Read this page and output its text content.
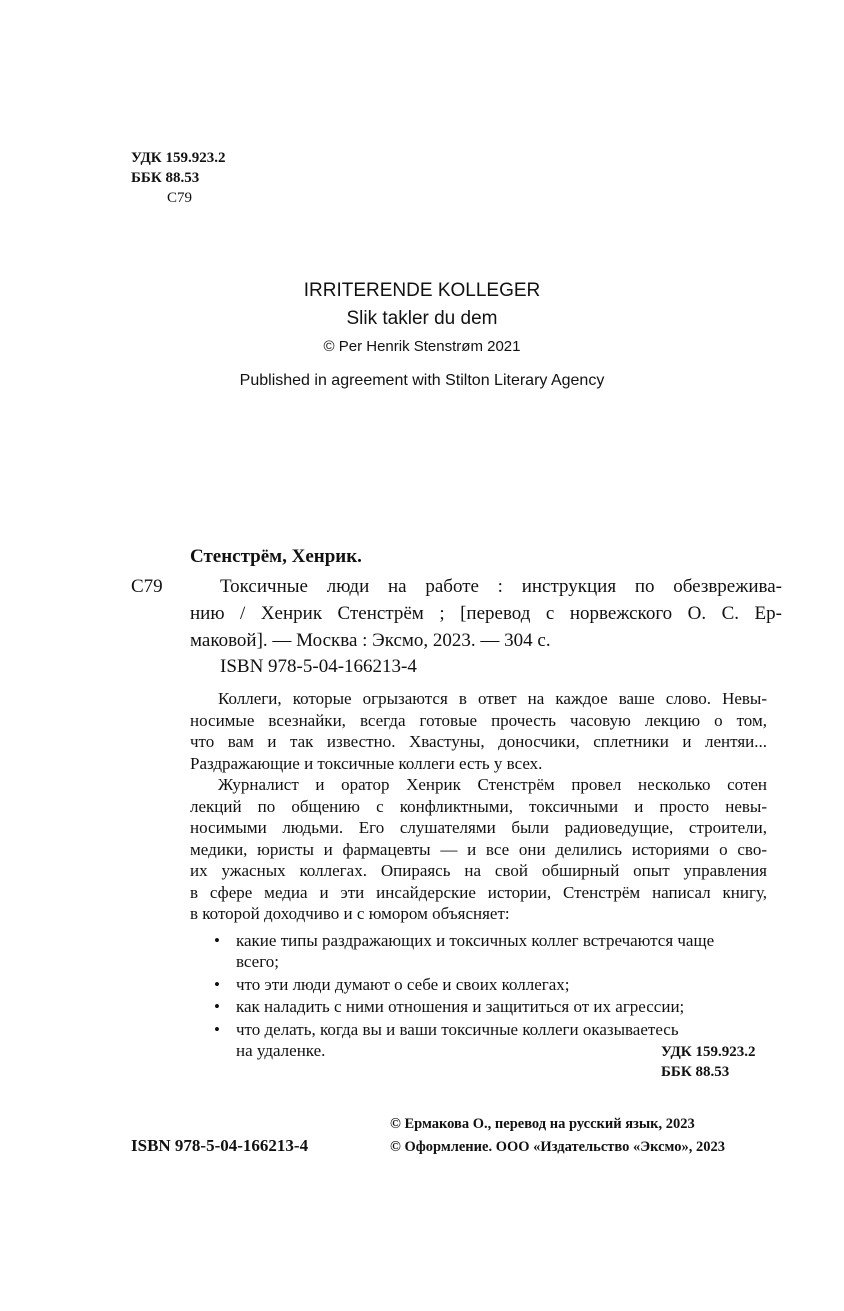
УДК 159.923.2
ББК 88.53
С79
IRRITERENDE KOLLEGER
Slik takler du dem
© Per Henrik Stenstrøm 2021
Published in agreement with Stilton Literary Agency
Стенстрём, Хенрик.
С79	Токсичные люди на работе : инструкция по обезврежива-
нию / Хенрик Стенстрём ; [перевод с норвежского О. С. Ер-
маковой]. — Москва : Эксмо, 2023. — 304 с.
ISBN 978-5-04-166213-4
Коллеги, которые огрызаются в ответ на каждое ваше слово. Невы-
носимые всезнайки, всегда готовые прочесть часовую лекцию о том,
что вам и так известно. Хвастуны, доносчики, сплетники и лентяи...
Раздражающие и токсичные коллеги есть у всех.
Журналист и оратор Хенрик Стенстрём провел несколько сотен
лекций по общению с конфликтными, токсичными и просто невы-
носимыми людьми. Его слушателями были радиоведущие, строители,
медики, юристы и фармацевты — и все они делились историями о сво-
их ужасных коллегах. Опираясь на свой обширный опыт управления
в сфере медиа и эти инсайдерские истории, Стенстрём написал книгу,
в которой доходчиво и с юмором объясняет:
• какие типы раздражающих и токсичных коллег встречаются чаще
всего;
• что эти люди думают о себе и своих коллегах;
• как наладить с ними отношения и защититься от их агрессии;
• что делать, когда вы и ваши токсичные коллеги оказываетесь
на удаленке.	УДК 159.923.2
ББК 88.53
ISBN 978-5-04-166213-4
© Ермакова О., перевод на русский язык, 2023
© Оформление. ООО «Издательство «Эксмо», 2023
